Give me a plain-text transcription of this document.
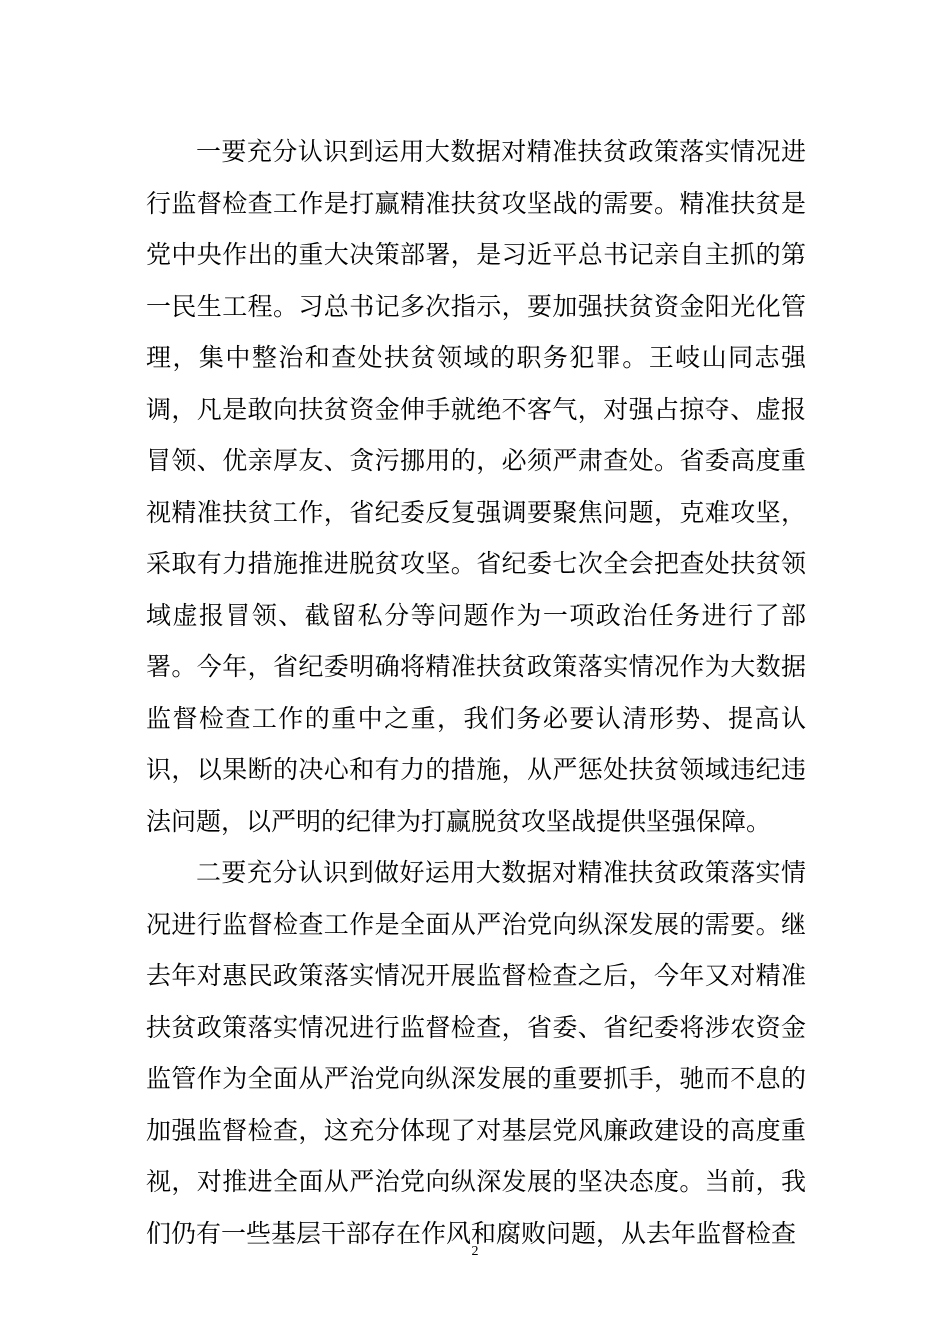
一要充分认识到运用大数据对精准扶贫政策落实情况进行监督检查工作是打赢精准扶贫攻坚战的需要。精准扶贫是党中央作出的重大决策部署，是习近平总书记亲自主抓的第一民生工程。习总书记多次指示，要加强扶贫资金阳光化管理，集中整治和查处扶贫领域的职务犯罪。王岐山同志强调，凡是敢向扶贫资金伸手就绝不客气，对强占掠夺、虚报冒领、优亲厚友、贪污挪用的，必须严肃查处。省委高度重视精准扶贫工作，省纪委反复强调要聚焦问题，克难攻坚，采取有力措施推进脱贫攻坚。省纪委七次全会把查处扶贫领域虚报冒领、截留私分等问题作为一项政治任务进行了部署。今年，省纪委明确将精准扶贫政策落实情况作为大数据监督检查工作的重中之重，我们务必要认清形势、提高认识，以果断的决心和有力的措施，从严惩处扶贫领域违纪违法问题，以严明的纪律为打赢脱贫攻坚战提供坚强保障。

二要充分认识到做好运用大数据对精准扶贫政策落实情况进行监督检查工作是全面从严治党向纵深发展的需要。继去年对惠民政策落实情况开展监督检查之后，今年又对精准扶贫政策落实情况进行监督检查，省委、省纪委将涉农资金监管作为全面从严治党向纵深发展的重要抓手，驰而不息的加强监督检查，这充分体现了对基层党风廉政建设的高度重视，对推进全面从严治党向纵深发展的坚决态度。当前，我们仍有一些基层干部存在作风和腐败问题，从去年监督检查

2
